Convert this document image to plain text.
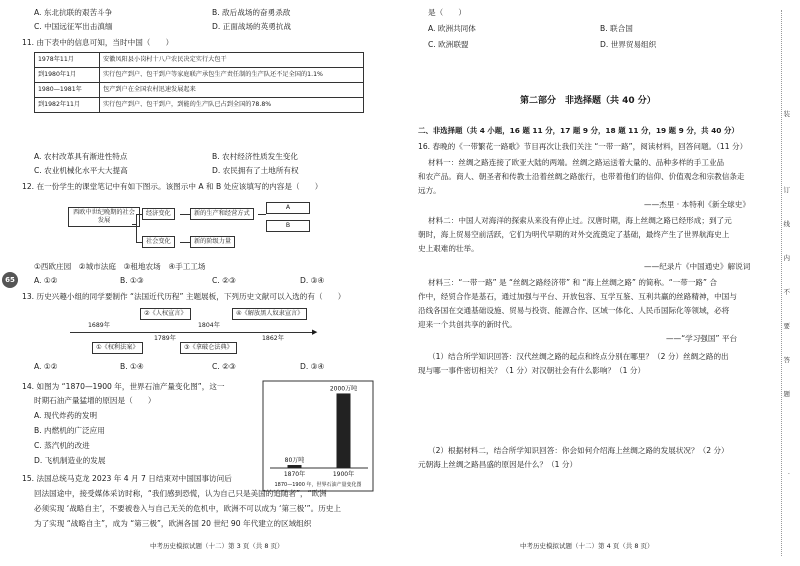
65
A. 东北抗联的艰苦斗争	B. 敌后战场的奋勇杀敌
C. 中国远征军出击滇缅	D. 正面战场的英勇抗战
11. 由下表中的信息可知，当时中国（　　）
1978年11月	安徽凤阳县小岗村十八户农民决定实行大包干
到1980年1月	实行包产到户、包干到户等家庭联产承包生产责任制的生产队还不足全国的1.1%
1980—1981年	包产到户在全国农村迅速发展起来
到1982年11月	实行包产到户、包干到户，到能的生产队已占到全国的78.8%
A. 农村改革具有渐进性特点	B. 农村经济性质发生变化
C. 农业机械化水平大大提高	D. 农民拥有了土地所有权
12. 在一份学生的课堂笔记中有如下图示。该图示中 A 和 B 处应该填写的内容是（　　）
西欧中世纪晚期的社会发展
经济变化	新的生产和经营方式
社会变化	新的阶级力量
A
B
①西欧庄园　②城市法庭　③租地农场　④手工工场
A. ①②	B. ①③	C. ②③	D. ③④
13. 历史兴趣小组的同学要制作 “法国近代历程” 主题展板，下列历史文献可以入选的有（　　）
②《人权宣言》	④《解放黑人奴隶宣言》
1689年	1804年
▶
1789年	1862年
①《权利法案》	③《拿破仑法典》
A. ①②	B. ①④	C. ②③	D. ③④
14. 如图为 “1870—1900 年，世界石油产量变化图”，这一
时期石油产量猛增的原因是（　　）
A. 现代炸药的发明
B. 内燃机的广泛应用
C. 蒸汽机的改进
D. 飞机制造业的发展	80万吨
1870年
2000万吨
1900年
1870—1900 年，世界石油产量变化图
15. 法国总统马克龙 2023 年 4 月 7 日结束对中国国事访问后
回法国途中，接受媒体采访时称，“我们感到恐慌，认为自己只是美国的追随者”，“欧洲
必须实现 ‘战略自主’，不要被卷入与自己无关的危机中，欧洲不可以成为 ‘第三极’”。历史上
为了实现 “战略自主”，成为 “第三极”，欧洲各国 20 世纪 90 年代建立的区域组织
中考历史模拟试题（十二）第 3 页（共 8 页）
是（　　）
A. 欧洲共同体	B. 联合国
C. 欧洲联盟	D. 世界贸易组织
第二部分　非选择题（共 40 分）
二、非选择题（共 4 小题，16 题 11 分，17 题 9 分，18 题 11 分，19 题 9 分，共 40 分）
16. 春晚的《一带繁花一路歌》节目再次让我们关注 “一带一路”，阅读材料，回答问题。（11 分）
材料一：丝绸之路连接了欧亚大陆的两端。丝绸之路运送着大量的、品种多样的手工业品
和农产品。商人、朝圣者和传教士沿着丝绸之路旅行，也带着他们的信仰、价值观念和宗教信条走
远方。
——杰里 · 本特利《新全球史》
材料二：中国人对海洋的探索从来没有停止过。汉唐时期，海上丝绸之路已经形成；到了元
朝时，海上贸易空前活跃，它们为明代早期的对外交流奠定了基础，最终产生了世界航海史上
史上艰难的壮举。
——纪录片《中国通史》解说词
材料三：“一带一路” 是 “丝绸之路经济带” 和 “海上丝绸之路” 的简称。“一带一路” 合
作中，经贸合作是基石，通过加强与平台、开放包容、互学互鉴、互利共赢的丝路精神，中国与
沿线各国在交通基础设施、贸易与投资、能源合作、区域一体化、人民币国际化等领域，必将
迎来一个共创共享的新时代。
——“学习强国” 平台
（1）结合所学知识回答：汉代丝绸之路的起点和终点分别在哪里？（2 分）丝绸之路的出
现与哪一事件密切相关？（1 分）对汉朝社会有什么影响？（1 分）
（2）根据材料二，结合所学知识回答：你会如何介绍海上丝绸之路的发展状况？（2 分）
元朝海上丝绸之路昌盛的原因是什么？（1 分）
中考历史模拟试题（十二）第 4 页（共 8 页）
装
订
线
内
不
要
答
题
·
